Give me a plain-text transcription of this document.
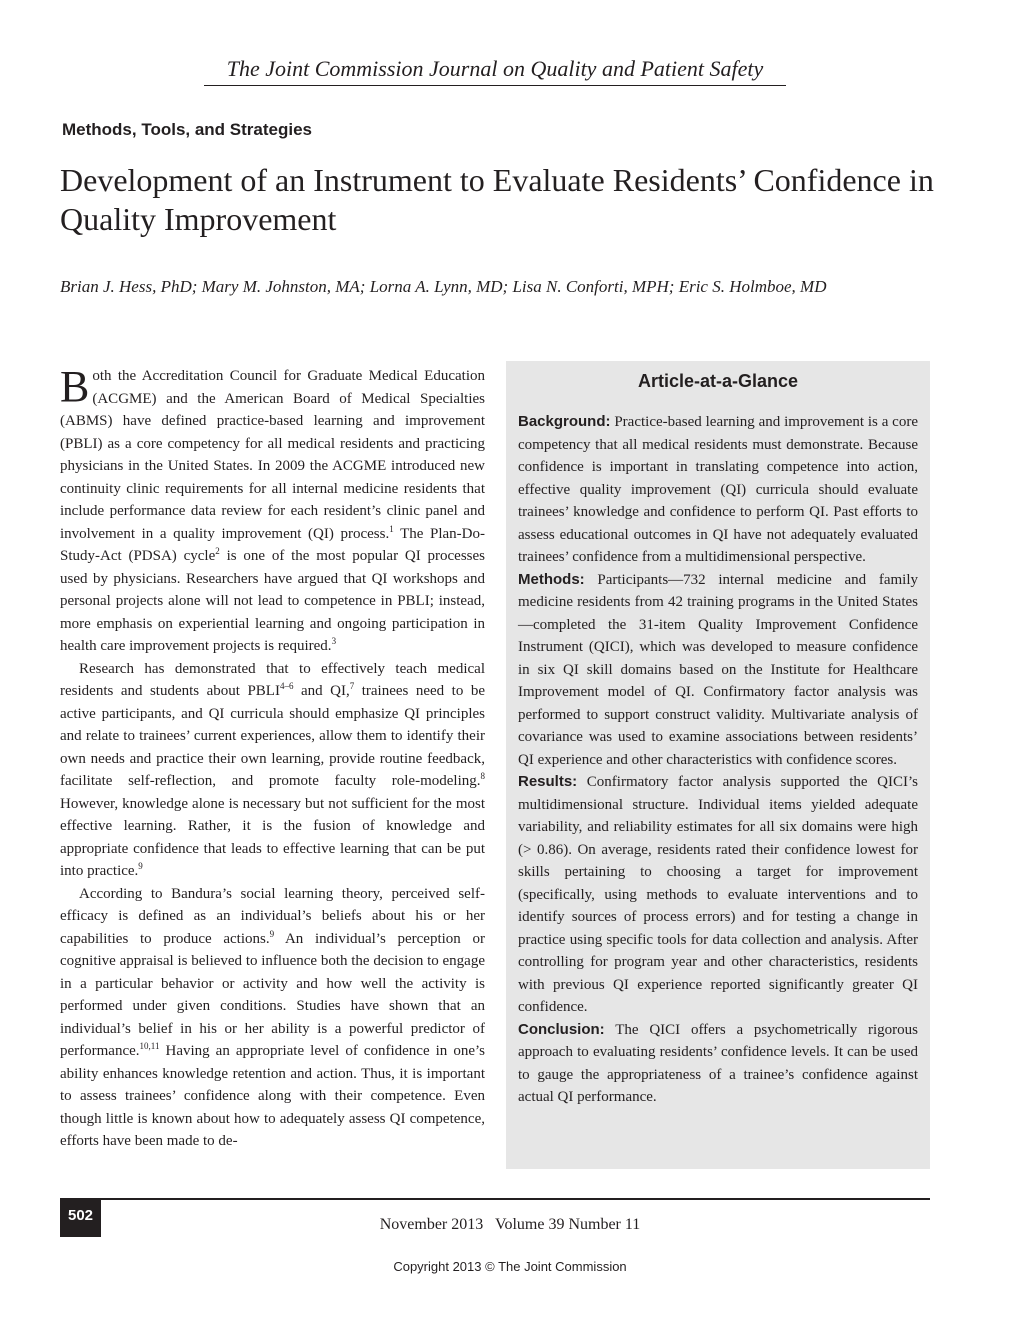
The Joint Commission Journal on Quality and Patient Safety
Methods, Tools, and Strategies
Development of an Instrument to Evaluate Residents’ Confidence in Quality Improvement
Brian J. Hess, PhD; Mary M. Johnston, MA; Lorna A. Lynn, MD; Lisa N. Conforti, MPH; Eric S. Holmboe, MD

Both the Accreditation Council for Graduate Medical Education (ACGME) and the American Board of Medical Specialties (ABMS) have defined practice-based learning and improvement (PBLI) as a core competency for all medical residents and practicing physicians in the United States. In 2009 the ACGME introduced new continuity clinic requirements for all internal medicine residents that include performance data review for each resident’s clinic panel and involvement in a quality improvement (QI) process.$^1$ The Plan-Do-Study-Act (PDSA) cycle$^2$ is one of the most popular QI processes used by physicians. Researchers have argued that QI workshops and personal projects alone will not lead to competence in PBLI; instead, more emphasis on experiential learning and ongoing participation in health care improvement projects is required.$^3$

Research has demonstrated that to effectively teach medical residents and students about PBLI$^{4-6}$ and QI,$^7$ trainees need to be active participants, and QI curricula should emphasize QI principles and relate to trainees’ current experiences, allow them to identify their own needs and practice their own learning, provide routine feedback, facilitate self-reflection, and promote faculty role-modeling.$^8$ However, knowledge alone is necessary but not sufficient for the most effective learning. Rather, it is the fusion of knowledge and appropriate confidence that leads to effective learning that can be put into practice.$^9$

According to Bandura’s social learning theory, perceived self-efficacy is defined as an individual’s beliefs about his or her capabilities to produce actions.$^9$ An individual’s perception or cognitive appraisal is believed to influence both the decision to engage in a particular behavior or activity and how well the activity is performed under given conditions. Studies have shown that an individual’s belief in his or her ability is a powerful predictor of performance.$^{10,11}$ Having an appropriate level of confidence in one’s ability enhances knowledge retention and action. Thus, it is important to assess trainees’ confidence along with their competence. Even though little is known about how to adequately assess QI competence, efforts have been made to de-

Article-at-a-Glance

Background: Practice-based learning and improvement is a core competency that all medical residents must demonstrate. Because confidence is important in translating competence into action, effective quality improvement (QI) curricula should evaluate trainees’ knowledge and confidence to perform QI. Past efforts to assess educational outcomes in QI have not adequately evaluated trainees’ confidence from a multidimensional perspective.

Methods: Participants—732 internal medicine and family medicine residents from 42 training programs in the United States—completed the 31-item Quality Improvement Confidence Instrument (QICI), which was developed to measure confidence in six QI skill domains based on the Institute for Healthcare Improvement model of QI. Confirmatory factor analysis was performed to support construct validity. Multivariate analysis of covariance was used to examine associations between residents’ QI experience and other characteristics with confidence scores.

Results: Confirmatory factor analysis supported the QICI’s multidimensional structure. Individual items yielded adequate variability, and reliability estimates for all six domains were high (> 0.86). On average, residents rated their confidence lowest for skills pertaining to choosing a target for improvement (specifically, using methods to evaluate interventions and to identify sources of process errors) and for testing a change in practice using specific tools for data collection and analysis. After controlling for program year and other characteristics, residents with previous QI experience reported significantly greater QI confidence.

Conclusion: The QICI offers a psychometrically rigorous approach to evaluating residents’ confidence levels. It can be used to gauge the appropriateness of a trainee’s confidence against actual QI performance.

502
November 2013   Volume 39 Number 11
Copyright 2013 © The Joint Commission
